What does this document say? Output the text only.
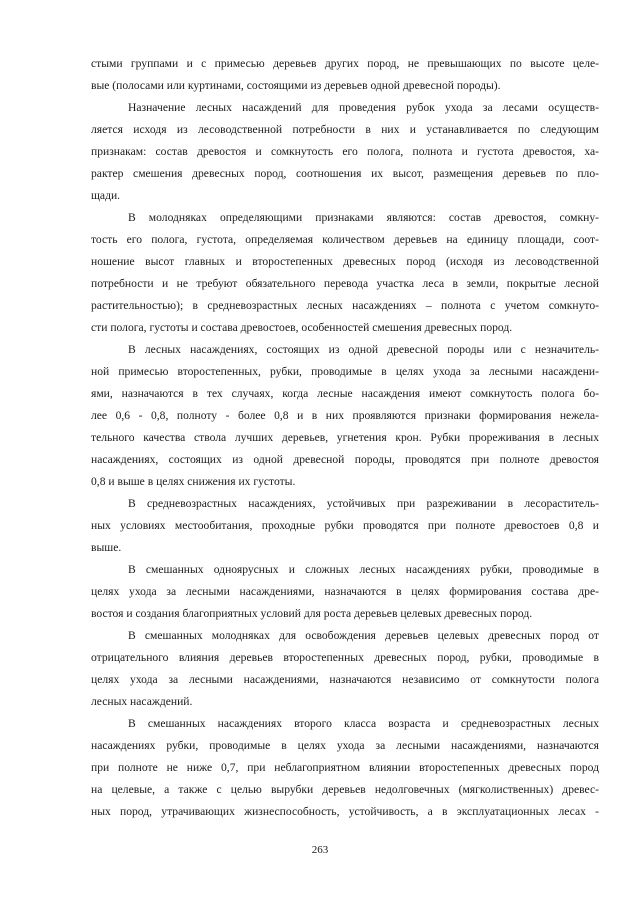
стыми группами и с примесью деревьев других пород, не превышающих по высоте целе-
вые (полосами или куртинами, состоящими из деревьев одной древесной породы).
Назначение лесных насаждений для проведения рубок ухода за лесами осуществ-
ляется исходя из лесоводственной потребности в них и устанавливается по следующим
признакам: состав древостоя и сомкнутость его полога, полнота и густота древостоя, ха-
рактер смешения древесных пород, соотношения их высот, размещения деревьев по пло-
щади.
В молодняках определяющими признаками являются: состав древостоя, сомкну-
тость его полога, густота, определяемая количеством деревьев на единицу площади, соот-
ношение высот главных и второстепенных древесных пород (исходя из лесоводственной
потребности и не требуют обязательного перевода участка леса в земли, покрытые лесной
растительностью); в средневозрастных лесных насаждениях – полнота с учетом сомкнуто-
сти полога, густоты и состава древостоев, особенностей смешения древесных пород.
В лесных насаждениях, состоящих из одной древесной породы или с незначитель-
ной примесью второстепенных, рубки, проводимые в целях ухода за лесными насаждени-
ями, назначаются в тех случаях, когда лесные насаждения имеют сомкнутость полога бо-
лее 0,6 - 0,8, полноту - более 0,8 и в них проявляются признаки формирования нежела-
тельного качества ствола лучших деревьев, угнетения крон. Рубки прореживания в лесных
насаждениях, состоящих из одной древесной породы, проводятся при полноте древостоя
0,8 и выше в целях снижения их густоты.
В средневозрастных насаждениях, устойчивых при разреживании в лесораститель-
ных условиях местообитания, проходные рубки проводятся при полноте древостоев 0,8 и
выше.
В смешанных одноярусных и сложных лесных насаждениях рубки, проводимые в
целях ухода за лесными насаждениями, назначаются в целях формирования состава дре-
востоя и создания благоприятных условий для роста деревьев целевых древесных пород.
В смешанных молодняках для освобождения деревьев целевых древесных пород от
отрицательного влияния деревьев второстепенных древесных пород, рубки, проводимые в
целях ухода за лесными насаждениями, назначаются независимо от сомкнутости полога
лесных насаждений.
В смешанных насаждениях второго класса возраста и средневозрастных лесных
насаждениях рубки, проводимые в целях ухода за лесными насаждениями, назначаются
при полноте не ниже 0,7, при неблагоприятном влиянии второстепенных древесных пород
на целевые, а также с целью вырубки деревьев недолговечных (мягколиственных) древес-
ных пород, утрачивающих жизнеспособность, устойчивость, а в эксплуатационных лесах -
263
